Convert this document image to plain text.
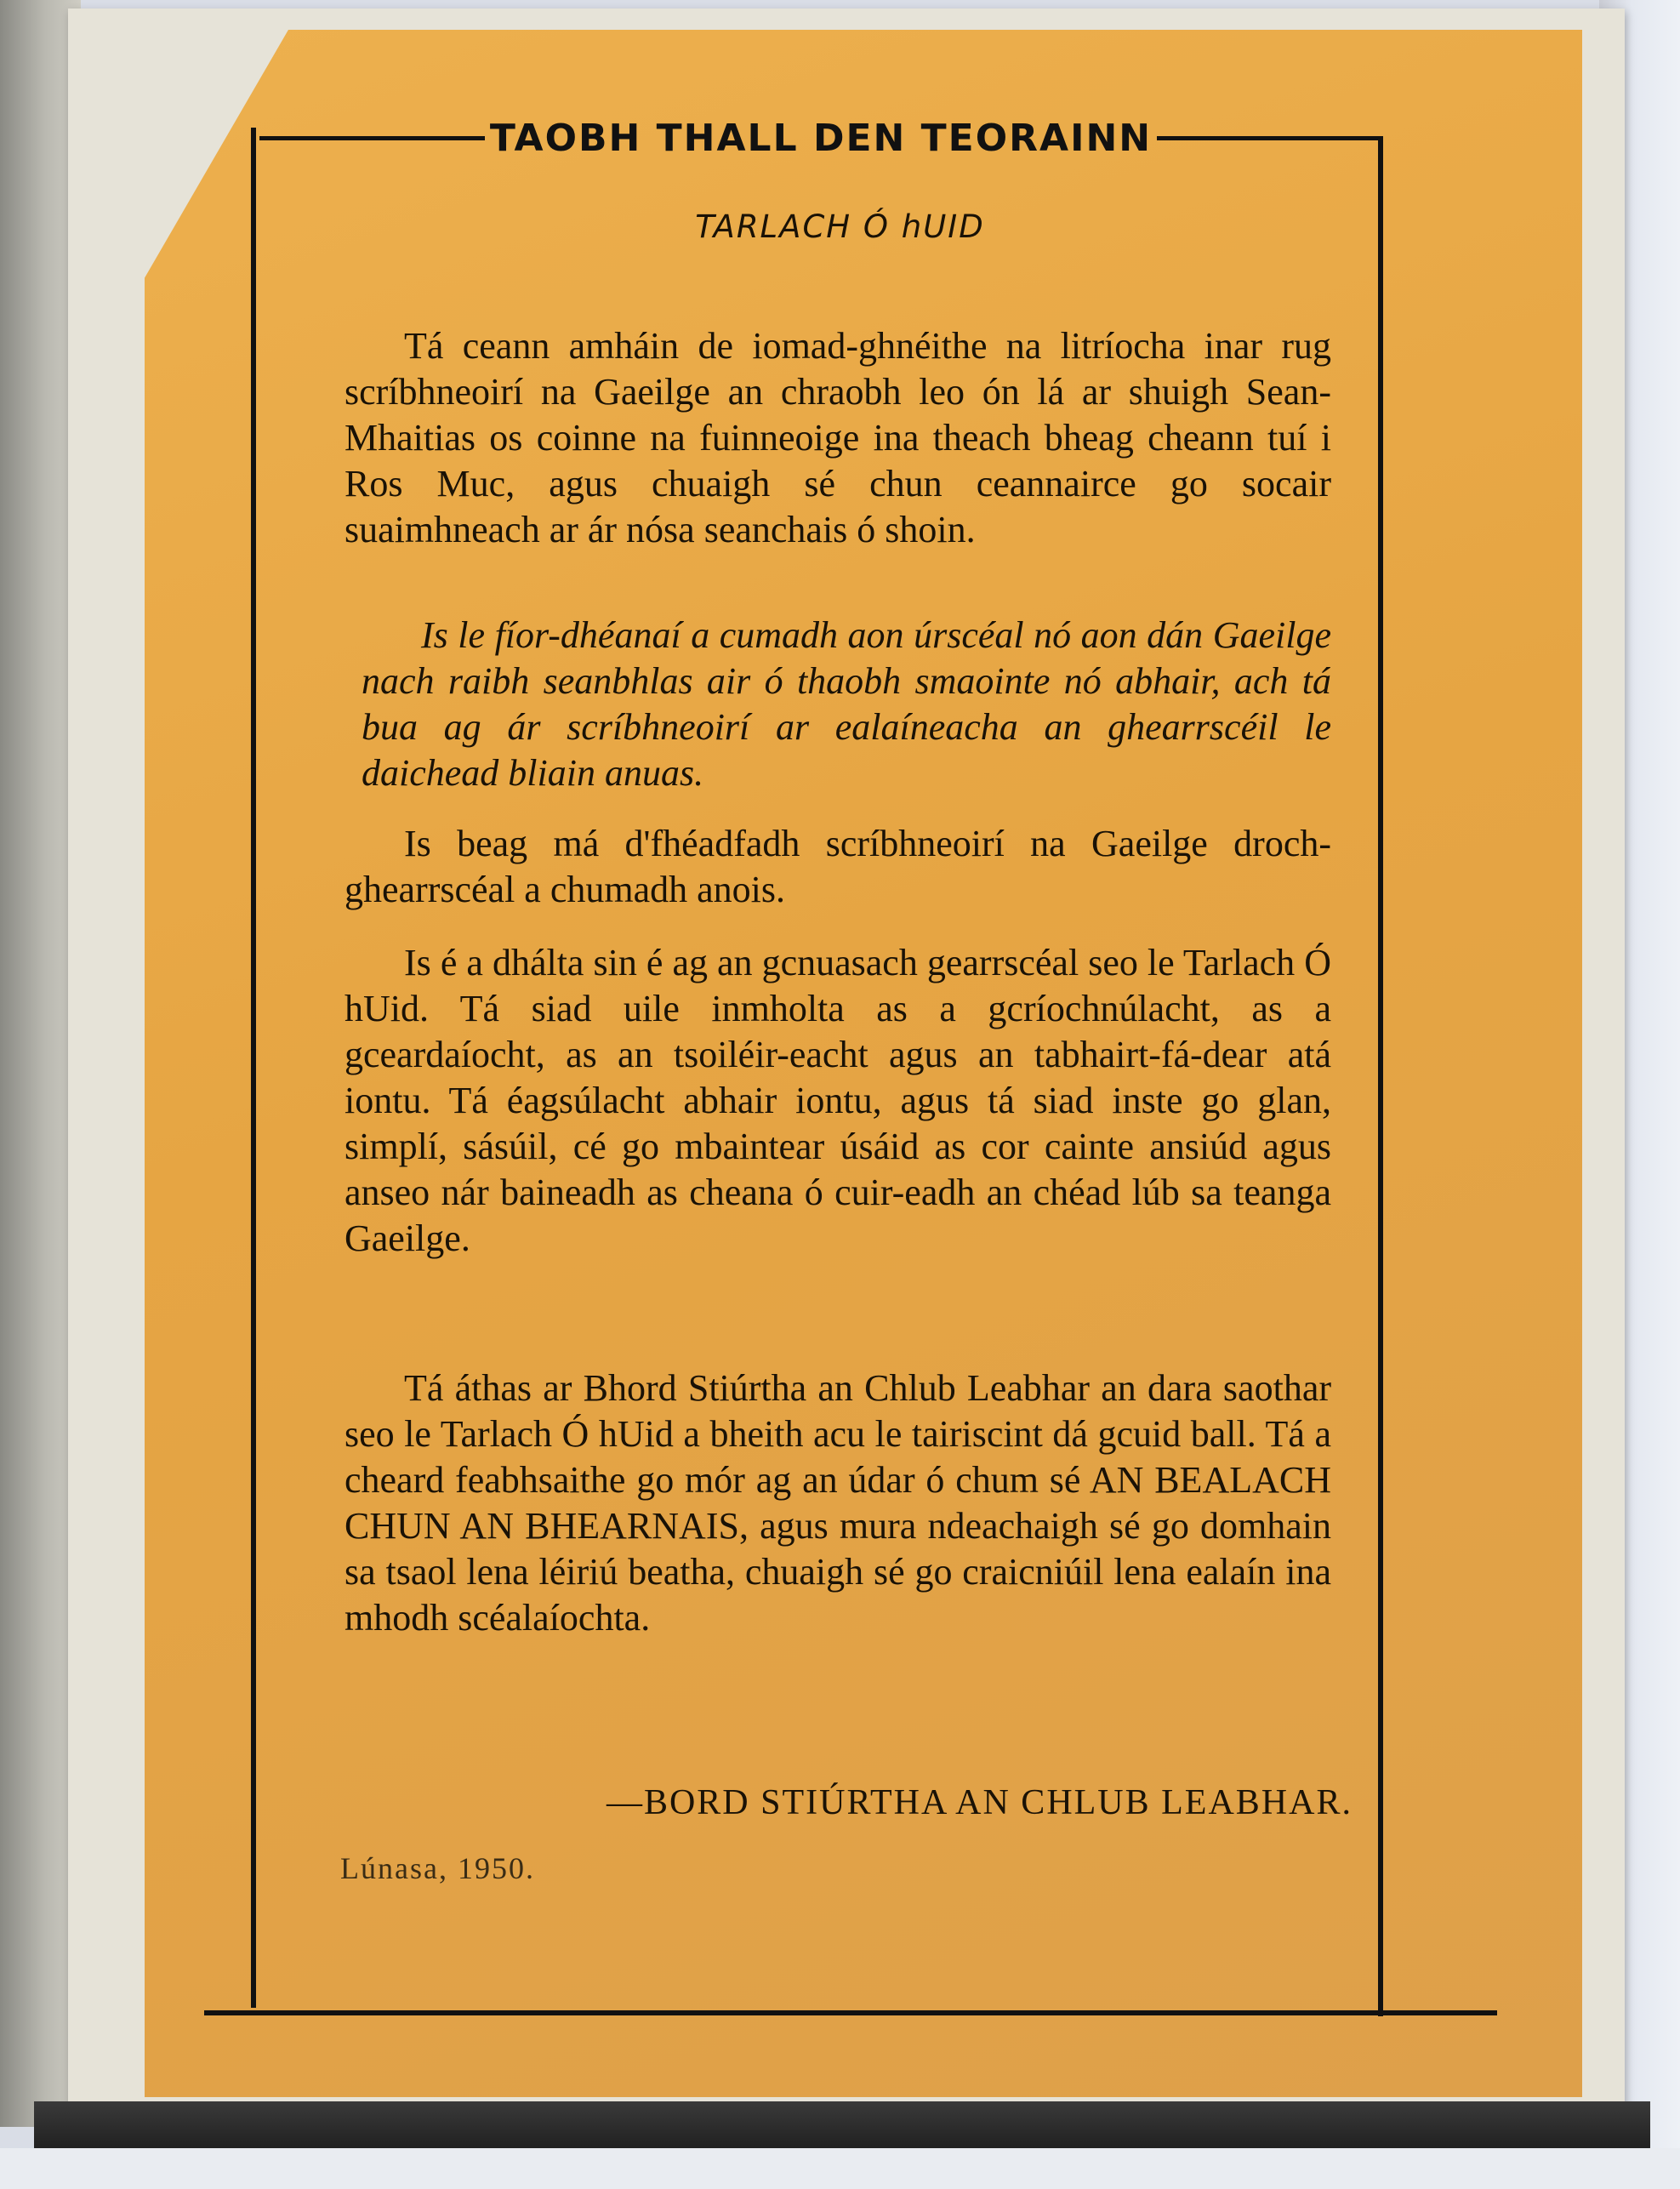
TAOBH THALL DEN TEORAINN
TARLACH Ó hUID

Tá ceann amháin de iomad-ghnéithe na litríocha inar rug scríbhneoirí na Gaeilge an chraobh leo ón lá ar shuigh Sean-Mhaitias os coinne na fuinneoige ina theach bheag cheann tuí i Ros Muc, agus chuaigh sé chun ceannairce go socair suaimhneach ar ár nósa seanchais ó shoin.

Is le fíor-dhéanaí a cumadh aon úrscéal nó aon dán Gaeilge nach raibh seanbhlas air ó thaobh smaointe nó abhair, ach tá bua ag ár scríbhneoirí ar ealaíneacha an ghearrscéil le daichead bliain anuas.

Is beag má d'fhéadfadh scríbhneoirí na Gaeilge droch-ghearrscéal a chumadh anois.

Is é a dhálta sin é ag an gcnuasach gearrscéal seo le Tarlach Ó hUid. Tá siad uile inmholta as a gcríochnúlacht, as a gceardaíocht, as an tsoiléir-eacht agus an tabhairt-fá-dear atá iontu. Tá éagsúlacht abhair iontu, agus tá siad inste go glan, simplí, sásúil, cé go mbaintear úsáid as cor cainte ansiúd agus anseo nár baineadh as cheana ó cuir-eadh an chéad lúb sa teanga Gaeilge.

Tá áthas ar Bhord Stiúrtha an Chlub Leabhar an dara saothar seo le Tarlach Ó hUid a bheith acu le tairiscint dá gcuid ball. Tá a cheard feabhsaithe go mór ag an údar ó chum sé AN BEALACH CHUN AN BHEARNAIS, agus mura ndeachaigh sé go domhain sa tsaol lena léiriú beatha, chuaigh sé go craicniúil lena ealaín ina mhodh scéalaíochta.

—BORD STIÚRTHA AN CHLUB LEABHAR.
Lúnasa, 1950.
